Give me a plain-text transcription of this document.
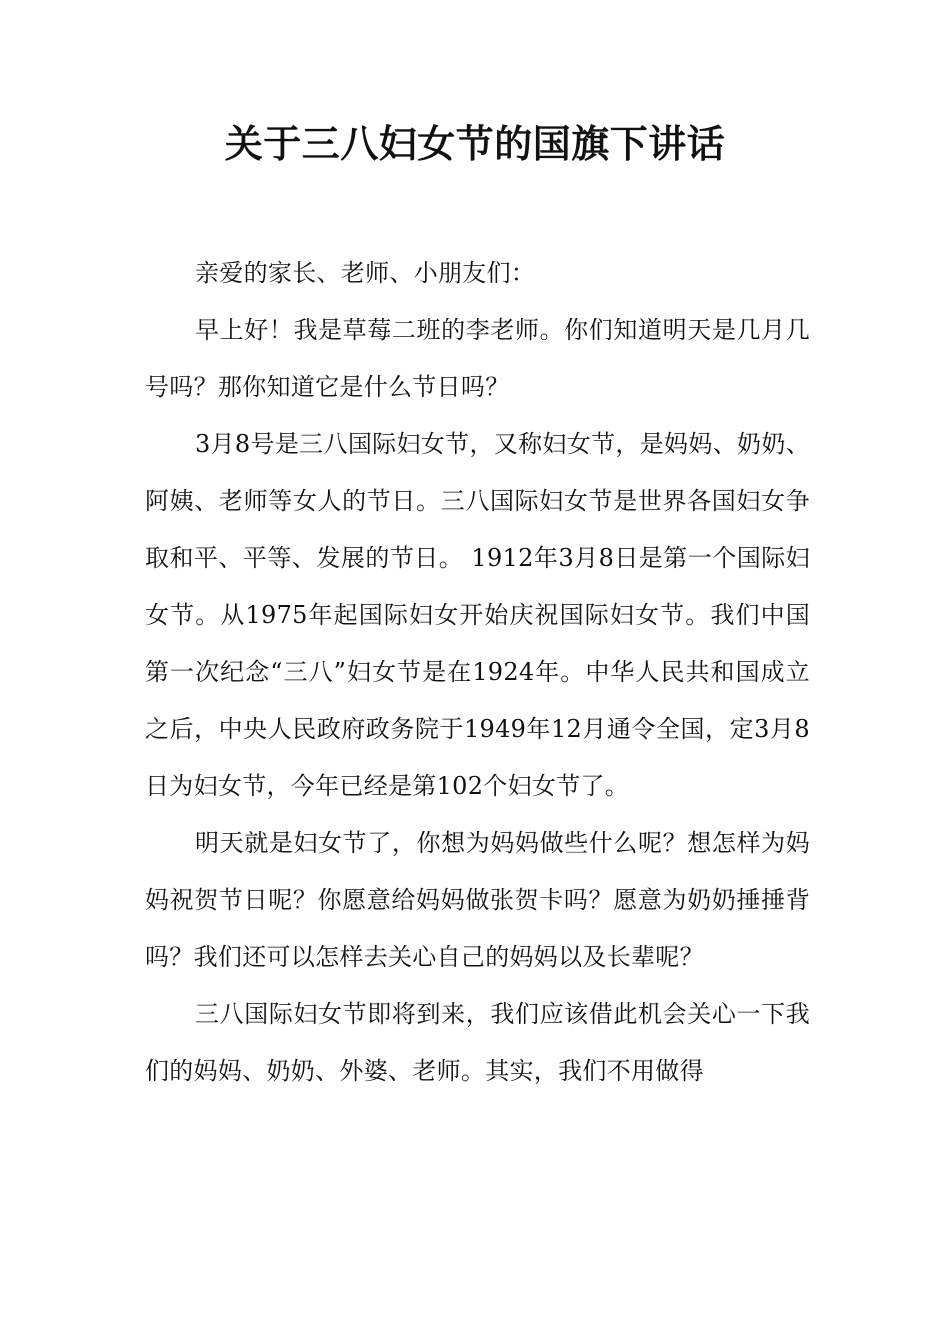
关于三八妇女节的国旗下讲话

亲爱的家长、老师、小朋友们：

早上好！我是草莓二班的李老师。你们知道明天是几月几号吗？那你知道它是什么节日吗？

3月8号是三八国际妇女节，又称妇女节，是妈妈、奶奶、阿姨、老师等女人的节日。三八国际妇女节是世界各国妇女争取和平、平等、发展的节日。 1912年3月8日是第一个国际妇女节。从1975年起国际妇女开始庆祝国际妇女节。我们中国第一次纪念“三八”妇女节是在1924年。中华人民共和国成立之后，中央人民政府政务院于1949年12月通令全国，定3月8日为妇女节，今年已经是第102个妇女节了。

明天就是妇女节了，你想为妈妈做些什么呢？想怎样为妈妈祝贺节日呢？你愿意给妈妈做张贺卡吗？愿意为奶奶捶捶背吗？我们还可以怎样去关心自己的妈妈以及长辈呢？

三八国际妇女节即将到来，我们应该借此机会关心一下我们的妈妈、奶奶、外婆、老师。其实，我们不用做得
